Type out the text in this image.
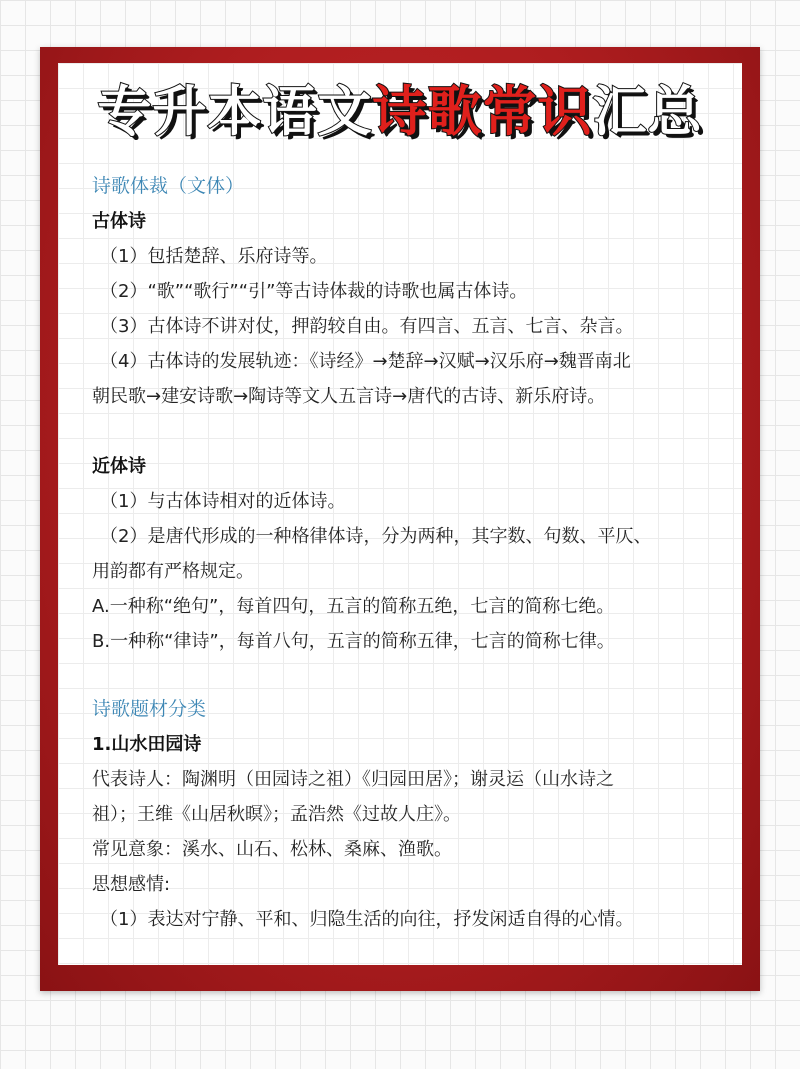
专升本语文诗歌常识汇总
诗歌体裁（文体）
古体诗
（1）包括楚辞、乐府诗等。
（2）“歌”“歌行”“引”等古诗体裁的诗歌也属古体诗。
（3）古体诗不讲对仗，押韵较自由。有四言、五言、七言、杂言。
（4）古体诗的发展轨迹：《诗经》→楚辞→汉赋→汉乐府→魏晋南北
朝民歌→建安诗歌→陶诗等文人五言诗→唐代的古诗、新乐府诗。
近体诗
（1）与古体诗相对的近体诗。
（2）是唐代形成的一种格律体诗，分为两种，其字数、句数、平仄、
用韵都有严格规定。
A.一种称“绝句”，每首四句，五言的简称五绝，七言的简称七绝。
B.一种称“律诗”，每首八句，五言的简称五律，七言的简称七律。
诗歌题材分类
1.山水田园诗
代表诗人：陶渊明（田园诗之祖）《归园田居》；谢灵运（山水诗之
祖）；王维《山居秋暝》；孟浩然《过故人庄》。
常见意象：溪水、山石、松林、桑麻、渔歌。
思想感情:
（1）表达对宁静、平和、归隐生活的向往，抒发闲适自得的心情。
